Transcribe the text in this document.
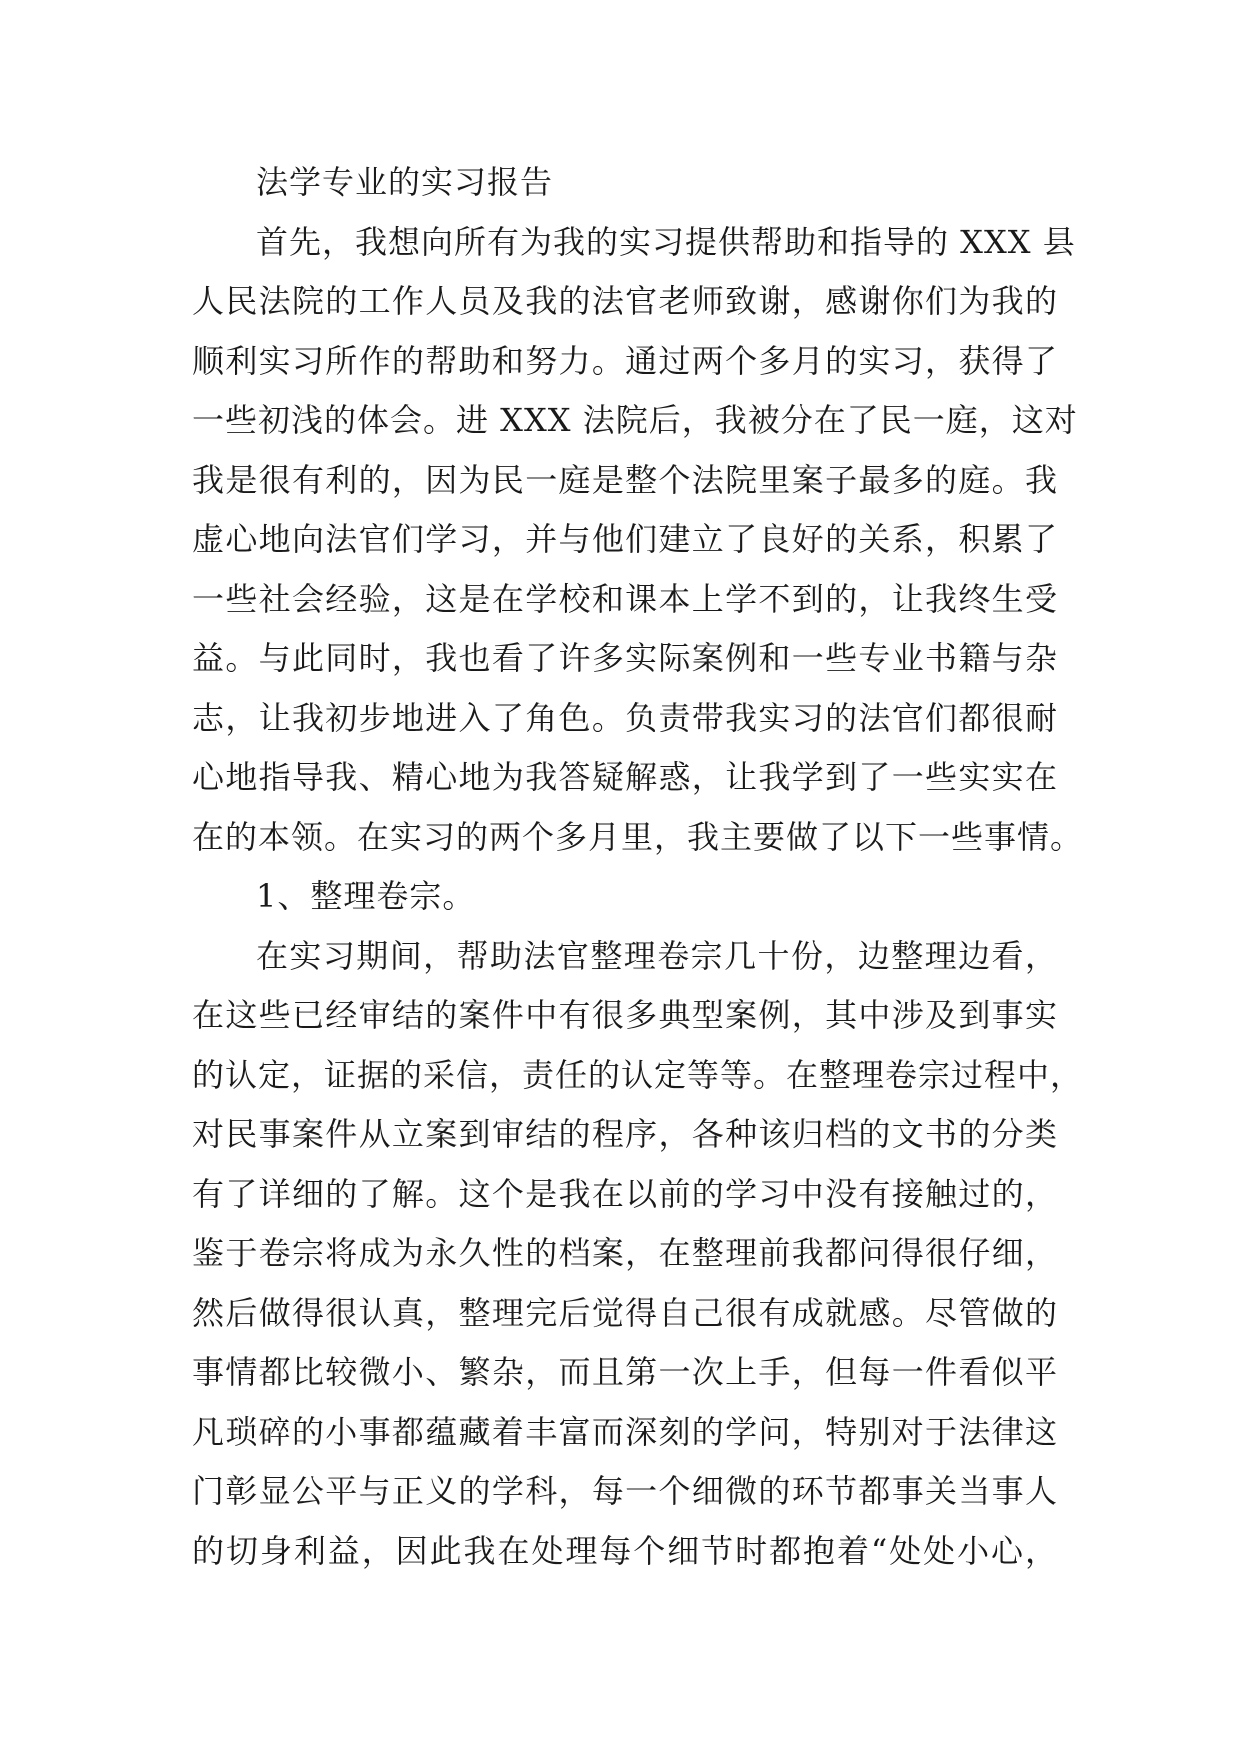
法学专业的实习报告
首先，我想向所有为我的实习提供帮助和指导的 XXX 县
人民法院的工作人员及我的法官老师致谢，感谢你们为我的
顺利实习所作的帮助和努力。通过两个多月的实习，获得了
一些初浅的体会。进 XXX 法院后，我被分在了民一庭，这对
我是很有利的，因为民一庭是整个法院里案子最多的庭。我
虚心地向法官们学习，并与他们建立了良好的关系，积累了
一些社会经验，这是在学校和课本上学不到的，让我终生受
益。与此同时，我也看了许多实际案例和一些专业书籍与杂
志，让我初步地进入了角色。负责带我实习的法官们都很耐
心地指导我、精心地为我答疑解惑，让我学到了一些实实在
在的本领。在实习的两个多月里，我主要做了以下一些事情。
1、整理卷宗。
在实习期间，帮助法官整理卷宗几十份，边整理边看，
在这些已经审结的案件中有很多典型案例，其中涉及到事实
的认定，证据的采信，责任的认定等等。在整理卷宗过程中，
对民事案件从立案到审结的程序，各种该归档的文书的分类
有了详细的了解。这个是我在以前的学习中没有接触过的，
鉴于卷宗将成为永久性的档案，在整理前我都问得很仔细，
然后做得很认真，整理完后觉得自己很有成就感。尽管做的
事情都比较微小、繁杂，而且第一次上手，但每一件看似平
凡琐碎的小事都蕴藏着丰富而深刻的学问，特别对于法律这
门彰显公平与正义的学科，每一个细微的环节都事关当事人
的切身利益，因此我在处理每个细节时都抱着“处处小心，
